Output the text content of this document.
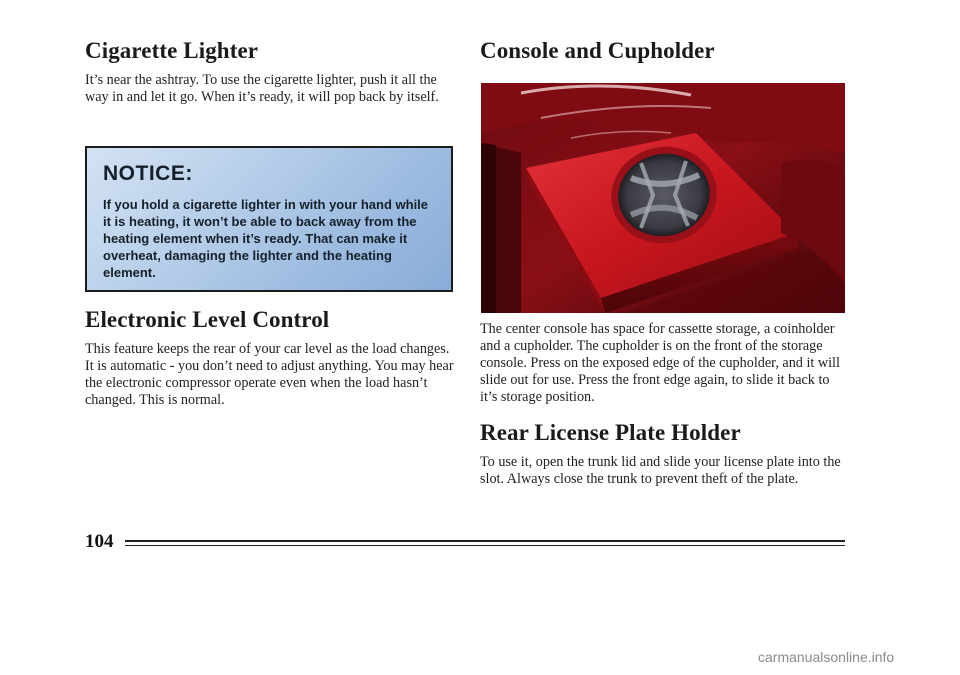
Cigarette Lighter

It’s near the ashtray. To use the cigarette lighter, push it all the way in and let it go. When it’s ready, it will pop back by itself.

NOTICE:

If you hold a cigarette lighter in with your hand while it is heating, it won’t be able to back away from the heating element when it’s ready. That can make it overheat, damaging the lighter and the heating element.

Electronic Level Control

This feature keeps the rear of your car level as the load changes. It is automatic - you don’t need to adjust anything. You may hear the electronic compressor operate even when the load hasn’t changed. This is normal.

Console and Cupholder

The center console has space for cassette storage, a coinholder and a cupholder. The cupholder is on the front of the storage console. Press on the exposed edge of the cupholder, and it will slide out for use. Press the front edge again, to slide it back to it’s storage position.

Rear License Plate Holder

To use it, open the trunk lid and slide your license plate into the slot. Always close the trunk to prevent theft of the plate.

104
carmanualsonline.info
